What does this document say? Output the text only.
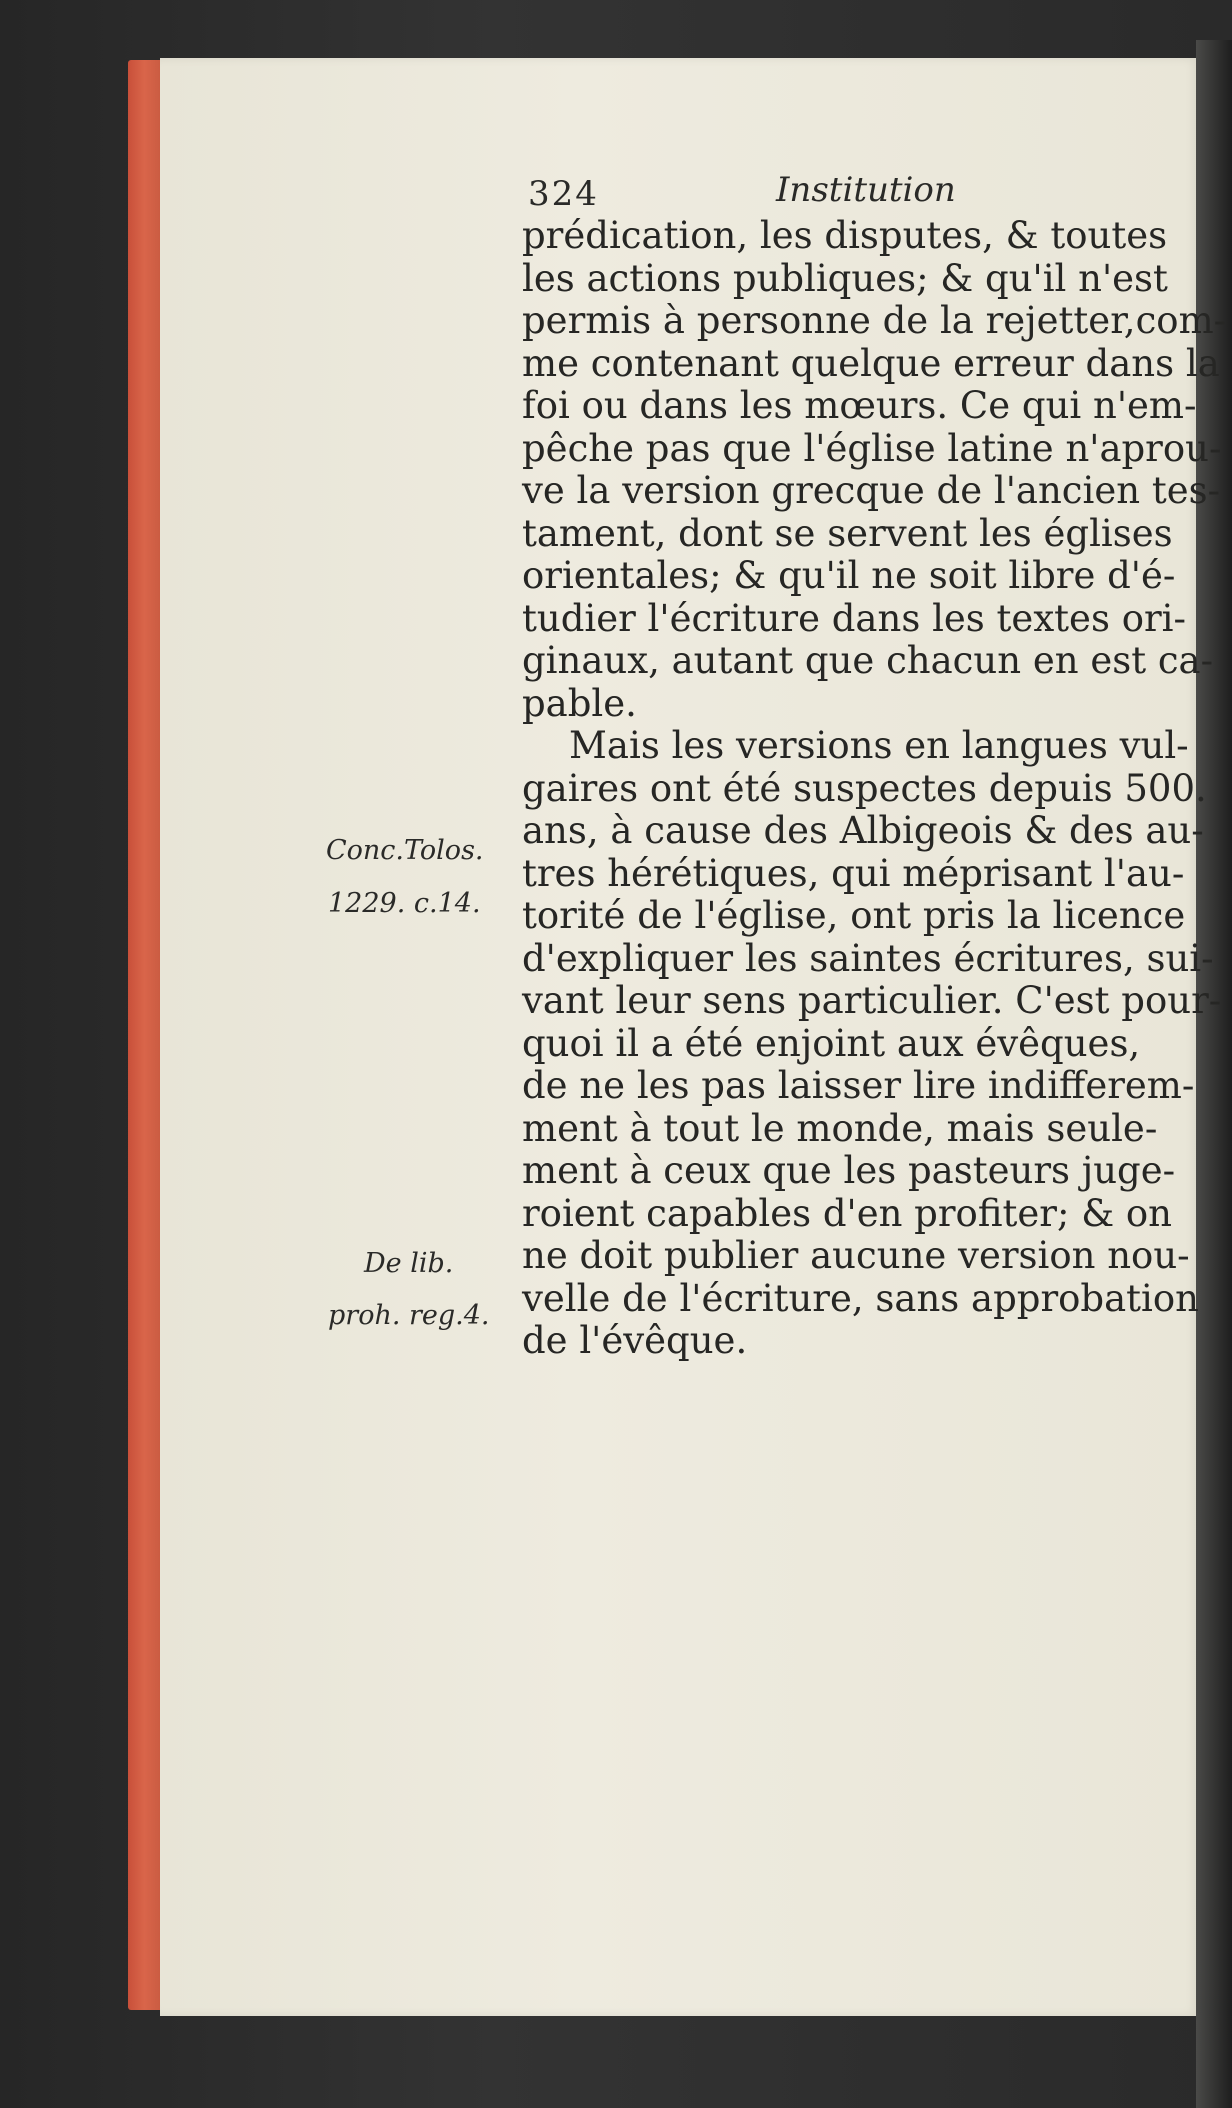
324	Institution
prédication, les disputes, & toutes
les actions publiques; & qu'il n'est
permis à personne de la rejetter,com-
me contenant quelque erreur dans la
foi ou dans les mœurs. Ce qui n'em-
pêche pas que l'église latine n'aprou-
ve la version grecque de l'ancien tes-
tament, dont se servent les églises
orientales; & qu'il ne soit libre d'é-
tudier l'écriture dans les textes ori-
ginaux, autant que chacun en est ca-
pable.
Mais les versions en langues vul-
gaires ont été suspectes depuis 500.
ans, à cause des Albigeois & des au-
tres hérétiques, qui méprisant l'au-
torité de l'église, ont pris la licence
d'expliquer les saintes écritures, sui-
vant leur sens particulier. C'est pour-
quoi il a été enjoint aux évêques,
de ne les pas laisser lire indifferem-
ment à tout le monde, mais seule-
ment à ceux que les pasteurs juge-
roient capables d'en profiter; & on
ne doit publier aucune version nou-
velle de l'écriture, sans approbation
de l'évêque.
Conc.Tolos.
1229. c.14.
De lib.
proh. reg.4.
